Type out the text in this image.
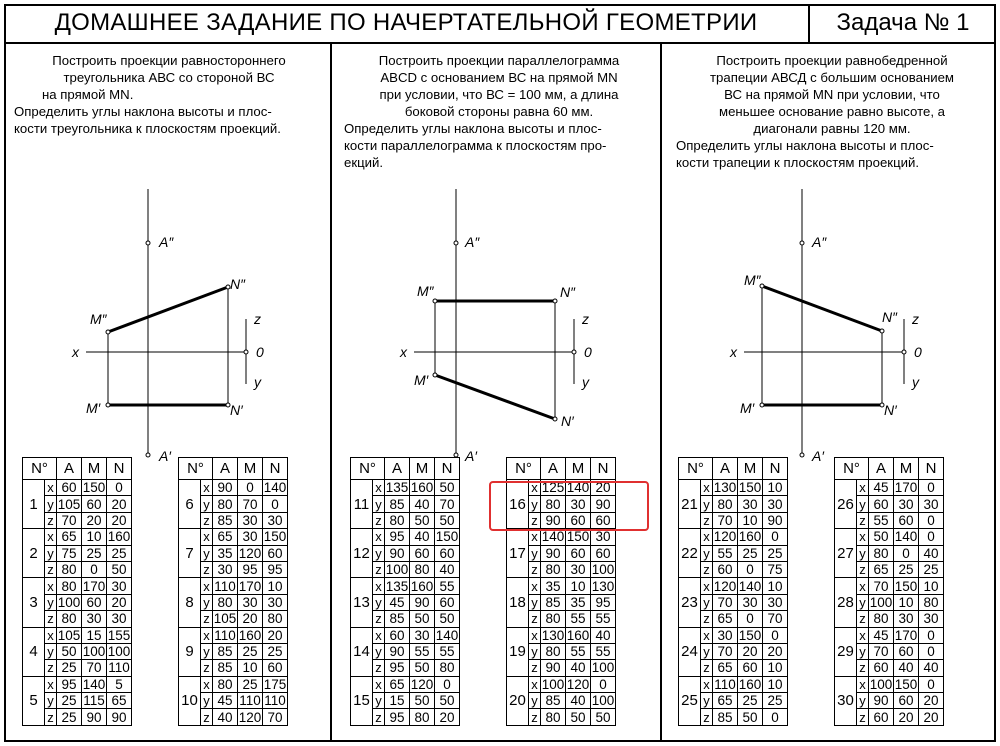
ДОМАШНЕЕ ЗАДАНИЕ ПО НАЧЕРТАТЕЛЬНОЙ ГЕОМЕТРИИ	Задача № 1

Построить проекции равностороннего

треугольника АВС со стороной ВС

на прямой MN.

Определить углы наклона высоты и плос-

кости треугольника к плоскостям проекций.

A″
N″
M″	z
0
y
x
M′	N′
A′

Построить проекции параллелограмма

ABCD с основанием ВС на прямой MN

при условии, что ВС = 100 мм, а длина

боковой стороны равна 60 мм.

Определить углы наклона высоты и плос-

кости параллелограмма к плоскостям про-

екций.

A″
N″
M″
z
0
y
x
M′
N′
A′

Построить проекции равнобедренной

трапеции АВСД с большим основанием

ВС на прямой MN при условии, что

меньшее основание равно высоте, а

диагонали равны 120 мм.

Определить углы наклона высоты и плос-

кости трапеции к плоскостям проекций.

A″
N″
M″
z
0
y
x
M′	N′
A′
N°		A	M	N
1	x	60	150	0
	y	105	60	20
	z	70	20	20
2	x	65	10	160
	y	75	25	25
	z	80	0	50
3	x	80	170	30
	y	100	60	20
	z	80	30	30
4	x	105	15	155
	y	50	100	100
	z	25	70	110
5	x	95	140	5
	y	25	115	65
	z	25	90	90
N°		A	M	N
6	x	90	0	140
	y	80	70	0
	z	85	30	30
7	x	65	30	150
	y	35	120	60
	z	30	95	95
8	x	110	170	10
	y	80	30	30
	z	105	20	80
9	x	110	160	20
	y	85	25	25
	z	85	10	60
10	x	80	25	175
	y	45	110	110
	z	40	120	70
N°		A	M	N
11	x	135	160	50
	y	85	40	70
	z	80	50	50
12	x	95	40	150
	y	90	60	60
	z	100	80	40
13	x	135	160	55
	y	45	90	60
	z	85	50	50
14	x	60	30	140
	y	90	55	55
	z	95	50	80
15	x	65	120	0
	y	15	50	50
	z	95	80	20
N°		A	M	N
16	x	125	140	20
	y	80	30	90
	z	90	60	60
17	x	140	150	30
	y	90	60	60
	z	80	30	100
18	x	35	10	130
	y	85	35	95
	z	80	55	55
19	x	130	160	40
	y	80	55	55
	z	90	40	100
20	x	100	120	0
	y	85	40	100
	z	80	50	50
N°		A	M	N
21	x	130	150	10
	y	80	30	30
	z	70	10	90
22	x	120	160	0
	y	55	25	25
	z	60	0	75
23	x	120	140	10
	y	70	30	30
	z	65	0	70
24	x	30	150	0
	y	70	20	20
	z	65	60	10
25	x	110	160	10
	y	65	25	25
	z	85	50	0
N°		A	M	N
26	x	45	170	0
	y	60	30	30
	z	55	60	0
27	x	50	140	0
	y	80	0	40
	z	65	25	25
28	x	70	150	10
	y	100	10	80
	z	80	30	30
29	x	45	170	0
	y	70	60	0
	z	60	40	40
30	x	100	150	0
	y	90	60	20
	z	60	20	20
